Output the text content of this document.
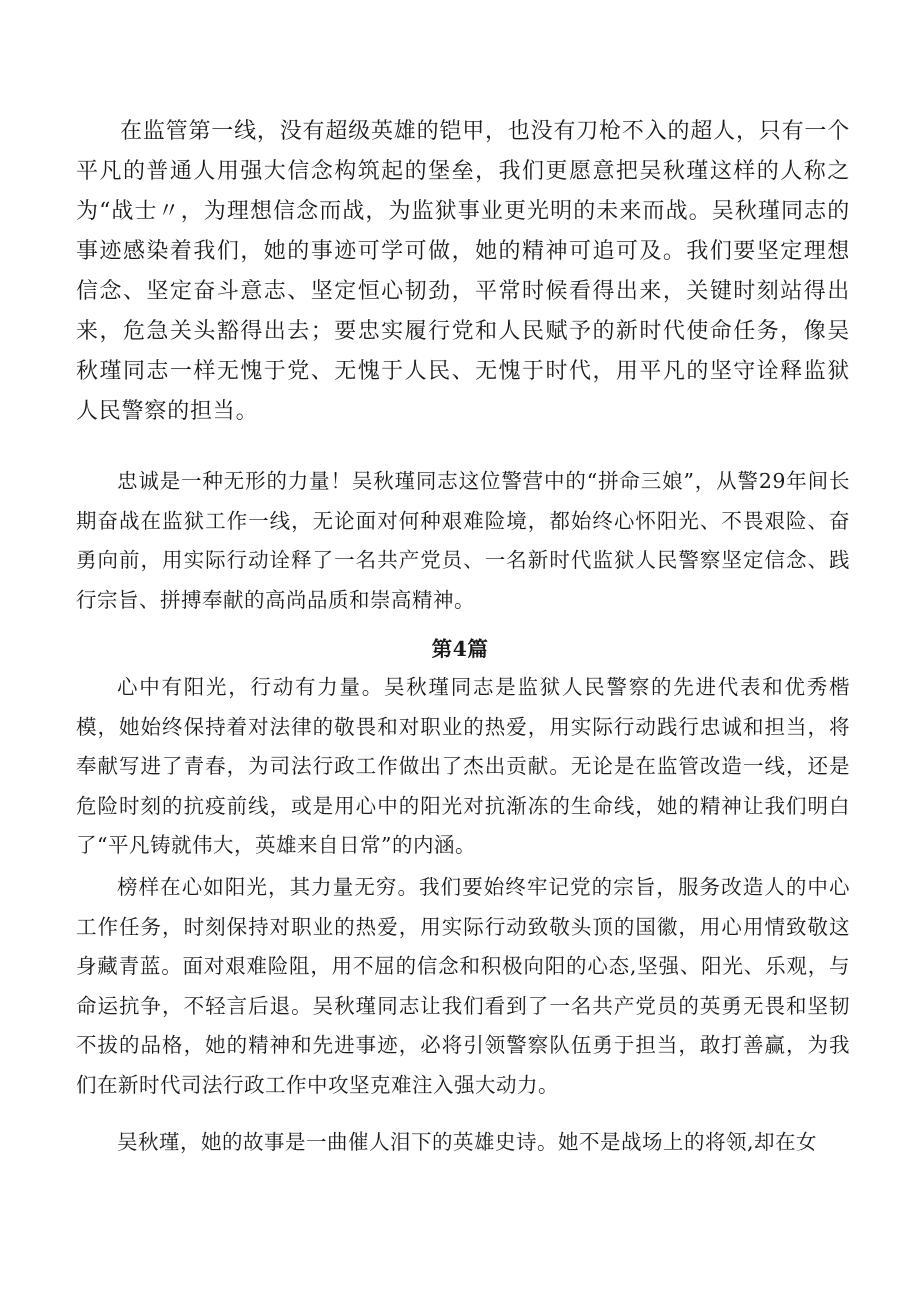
在监管第一线，没有超级英雄的铠甲，也没有刀枪不入的超人，只有一个平凡的普通人用强大信念构筑起的堡垒，我们更愿意把吴秋瑾这样的人称之为“战士〃，为理想信念而战，为监狱事业更光明的未来而战。吴秋瑾同志的事迹感染着我们，她的事迹可学可做，她的精神可追可及。我们要坚定理想信念、坚定奋斗意志、坚定恒心韧劲，平常时候看得出来，关键时刻站得出来，危急关头豁得出去；要忠实履行党和人民赋予的新时代使命任务，像吴秋瑾同志一样无愧于党、无愧于人民、无愧于时代，用平凡的坚守诠释监狱人民警察的担当。

忠诚是一种无形的力量！吴秋瑾同志这位警营中的“拼命三娘”，从警29年间长期奋战在监狱工作一线，无论面对何种艰难险境，都始终心怀阳光、不畏艰险、奋勇向前，用实际行动诠释了一名共产党员、一名新时代监狱人民警察坚定信念、践行宗旨、拼搏奉献的高尚品质和崇高精神。

第4篇

心中有阳光，行动有力量。吴秋瑾同志是监狱人民警察的先进代表和优秀楷模，她始终保持着对法律的敬畏和对职业的热爱，用实际行动践行忠诚和担当，将奉献写进了青春，为司法行政工作做出了杰出贡献。无论是在监管改造一线，还是危险时刻的抗疫前线，或是用心中的阳光对抗渐冻的生命线，她的精神让我们明白了“平凡铸就伟大，英雄来自日常”的内涵。

榜样在心如阳光，其力量无穷。我们要始终牢记党的宗旨，服务改造人的中心工作任务，时刻保持对职业的热爱，用实际行动致敬头顶的国徽，用心用情致敬这身藏青蓝。面对艰难险阻，用不屈的信念和积极向阳的心态,坚强、阳光、乐观，与命运抗争，不轻言后退。吴秋瑾同志让我们看到了一名共产党员的英勇无畏和坚韧不拔的品格，她的精神和先进事迹，必将引领警察队伍勇于担当，敢打善赢，为我们在新时代司法行政工作中攻坚克难注入强大动力。

吴秋瑾，她的故事是一曲催人泪下的英雄史诗。她不是战场上的将领,却在女
